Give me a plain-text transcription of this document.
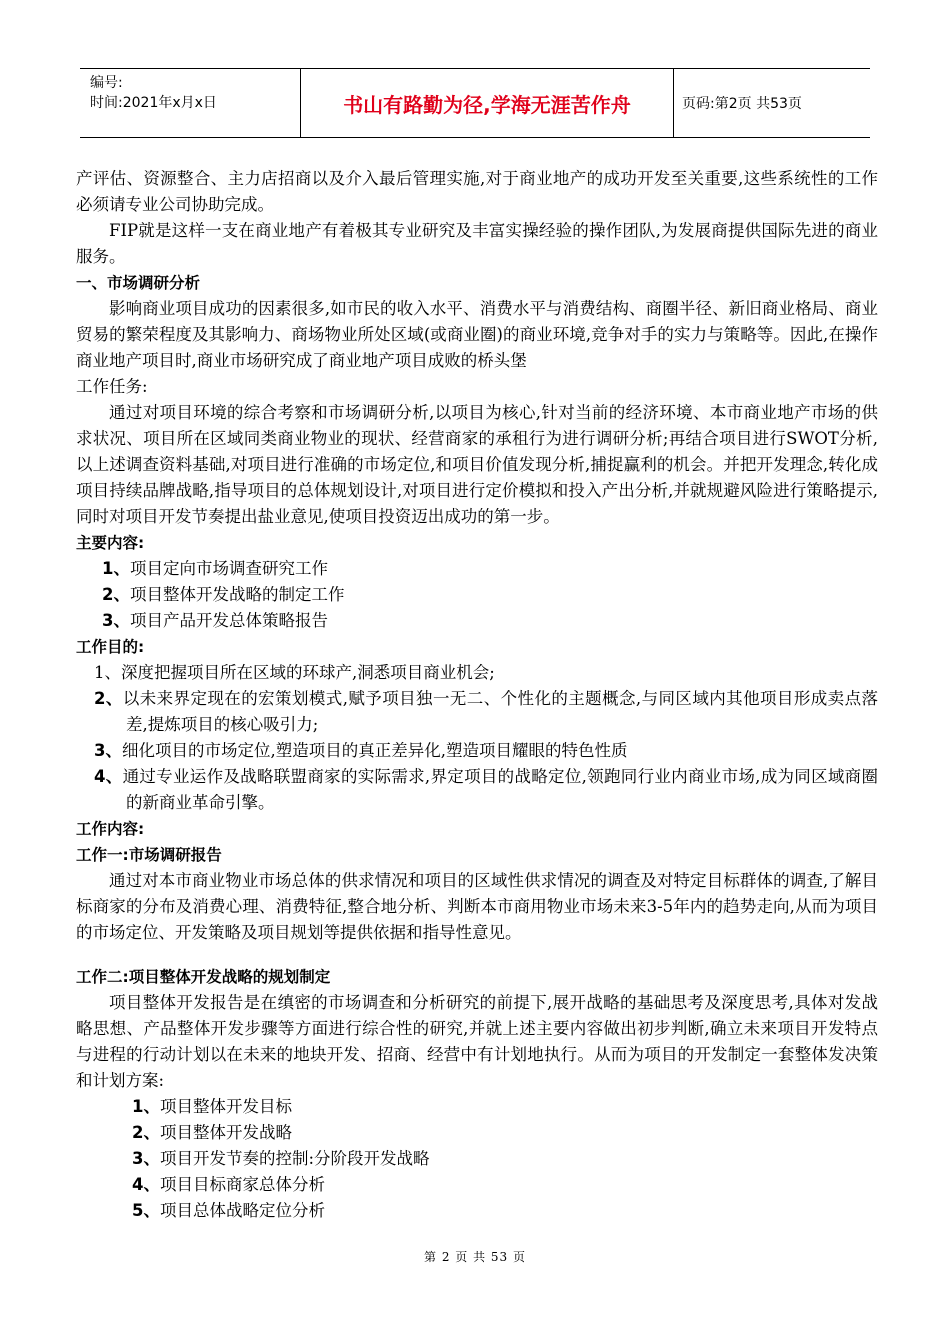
编号:
时间:2021年x月x日	书山有路勤为径,学海无涯苦作舟	页码:第2页 共53页

产评估、资源整合、主力店招商以及介入最后管理实施,对于商业地产的成功开发至关重要,这些系统性的工作必须请专业公司协助完成。

FIP就是这样一支在商业地产有着极其专业研究及丰富实操经验的操作团队,为发展商提供国际先进的商业服务。

一、市场调研分析

影响商业项目成功的因素很多,如市民的收入水平、消费水平与消费结构、商圈半径、新旧商业格局、商业贸易的繁荣程度及其影响力、商场物业所处区域(或商业圈)的商业环境,竞争对手的实力与策略等。因此,在操作商业地产项目时,商业市场研究成了商业地产项目成败的桥头堡

工作任务:

通过对项目环境的综合考察和市场调研分析,以项目为核心,针对当前的经济环境、本市商业地产市场的供求状况、项目所在区域同类商业物业的现状、经营商家的承租行为进行调研分析;再结合项目进行SWOT分析,以上述调查资料基础,对项目进行准确的市场定位,和项目价值发现分析,捕捉赢利的机会。并把开发理念,转化成项目持续品牌战略,指导项目的总体规划设计,对项目进行定价模拟和投入产出分析,并就规避风险进行策略提示,同时对项目开发节奏提出盐业意见,使项目投资迈出成功的第一步。

主要内容:

1、项目定向市场调查研究工作

2、项目整体开发战略的制定工作

3、项目产品开发总体策略报告

工作目的:

1、深度把握项目所在区域的环球产,洞悉项目商业机会;

2、以未来界定现在的宏策划模式,赋予项目独一无二、个性化的主题概念,与同区域内其他项目形成卖点落差,提炼项目的核心吸引力;

3、细化项目的市场定位,塑造项目的真正差异化,塑造项目耀眼的特色性质

4、通过专业运作及战略联盟商家的实际需求,界定项目的战略定位,领跑同行业内商业市场,成为同区域商圈的新商业革命引擎。

工作内容:

工作一:市场调研报告

通过对本市商业物业市场总体的供求情况和项目的区域性供求情况的调查及对特定目标群体的调查,了解目标商家的分布及消费心理、消费特征,整合地分析、判断本市商用物业市场未来3-5年内的趋势走向,从而为项目的市场定位、开发策略及项目规划等提供依据和指导性意见。

工作二:项目整体开发战略的规划制定

项目整体开发报告是在缜密的市场调查和分析研究的前提下,展开战略的基础思考及深度思考,具体对发战略思想、产品整体开发步骤等方面进行综合性的研究,并就上述主要内容做出初步判断,确立未来项目开发特点与进程的行动计划以在未来的地块开发、招商、经营中有计划地执行。从而为项目的开发制定一套整体发决策和计划方案:

1、项目整体开发目标

2、项目整体开发战略

3、项目开发节奏的控制:分阶段开发战略

4、项目目标商家总体分析

5、项目总体战略定位分析

第 2 页 共 53 页
